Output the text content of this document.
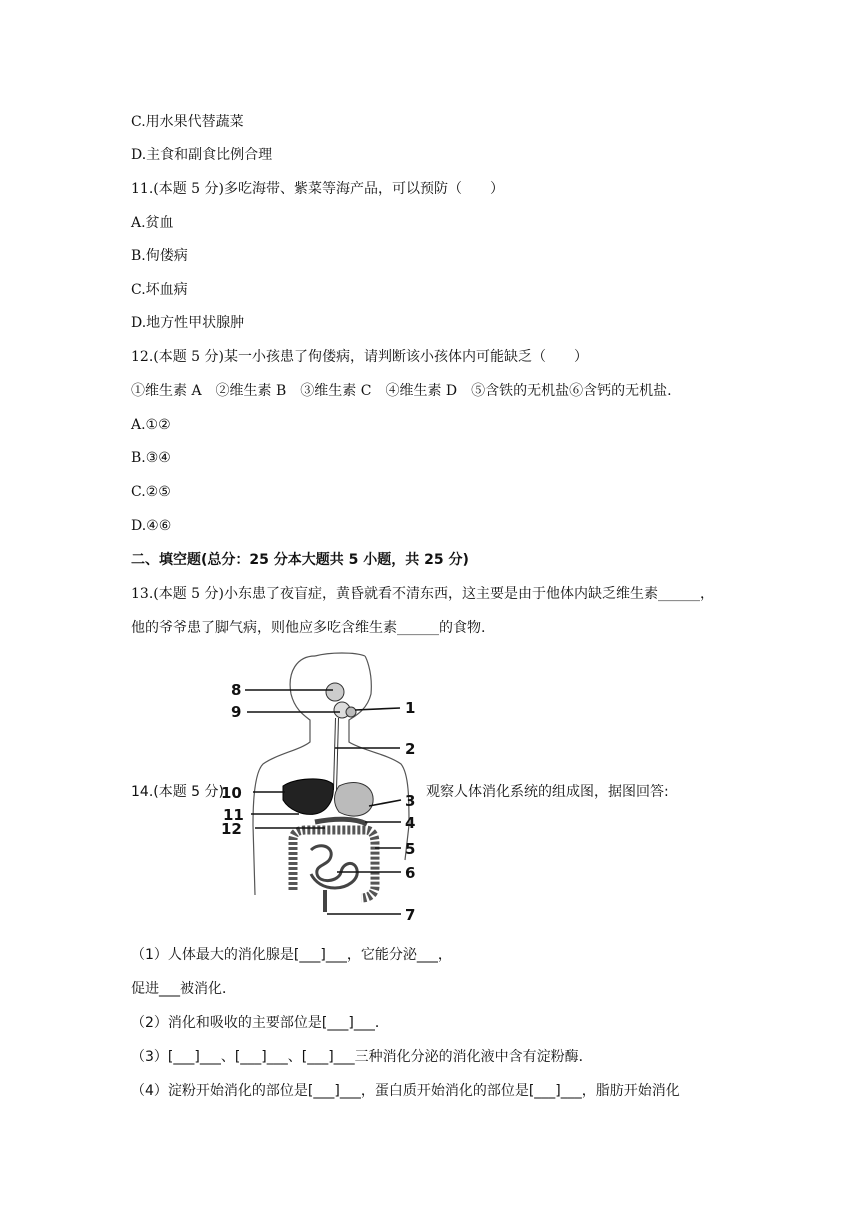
C.用水果代替蔬菜
D.主食和副食比例合理
11.(本题 5 分)多吃海带、紫菜等海产品，可以预防（　　）
A.贫血
B.佝偻病
C.坏血病
D.地方性甲状腺肿
12.(本题 5 分)某一小孩患了佝偻病，请判断该小孩体内可能缺乏（　　）
①维生素 A　②维生素 B　③维生素 C　④维生素 D　⑤含铁的无机盐⑥含钙的无机盐.
A.①②
B.③④
C.②⑤
D.④⑥
二、填空题(总分：25 分本大题共 5 小题，共 25 分)
13.(本题 5 分)小东患了夜盲症，黄昏就看不清东西，这主要是由于他体内缺乏维生素______，
他的爷爷患了脚气病，则他应多吃含维生素______的食物.
14.(本题 5 分)
8
9	1
2
10	3
11	4
12
5
6
7
观察人体消化系统的组成图，据图回答:
（1）人体最大的消化腺是[___]___，它能分泌___，
促进___被消化．
（2）消化和吸收的主要部位是[___]___．
（3）[___]___、[___]___、[___]___三种消化分泌的消化液中含有淀粉酶．
（4）淀粉开始消化的部位是[___]___，蛋白质开始消化的部位是[___]___，脂肪开始消化
